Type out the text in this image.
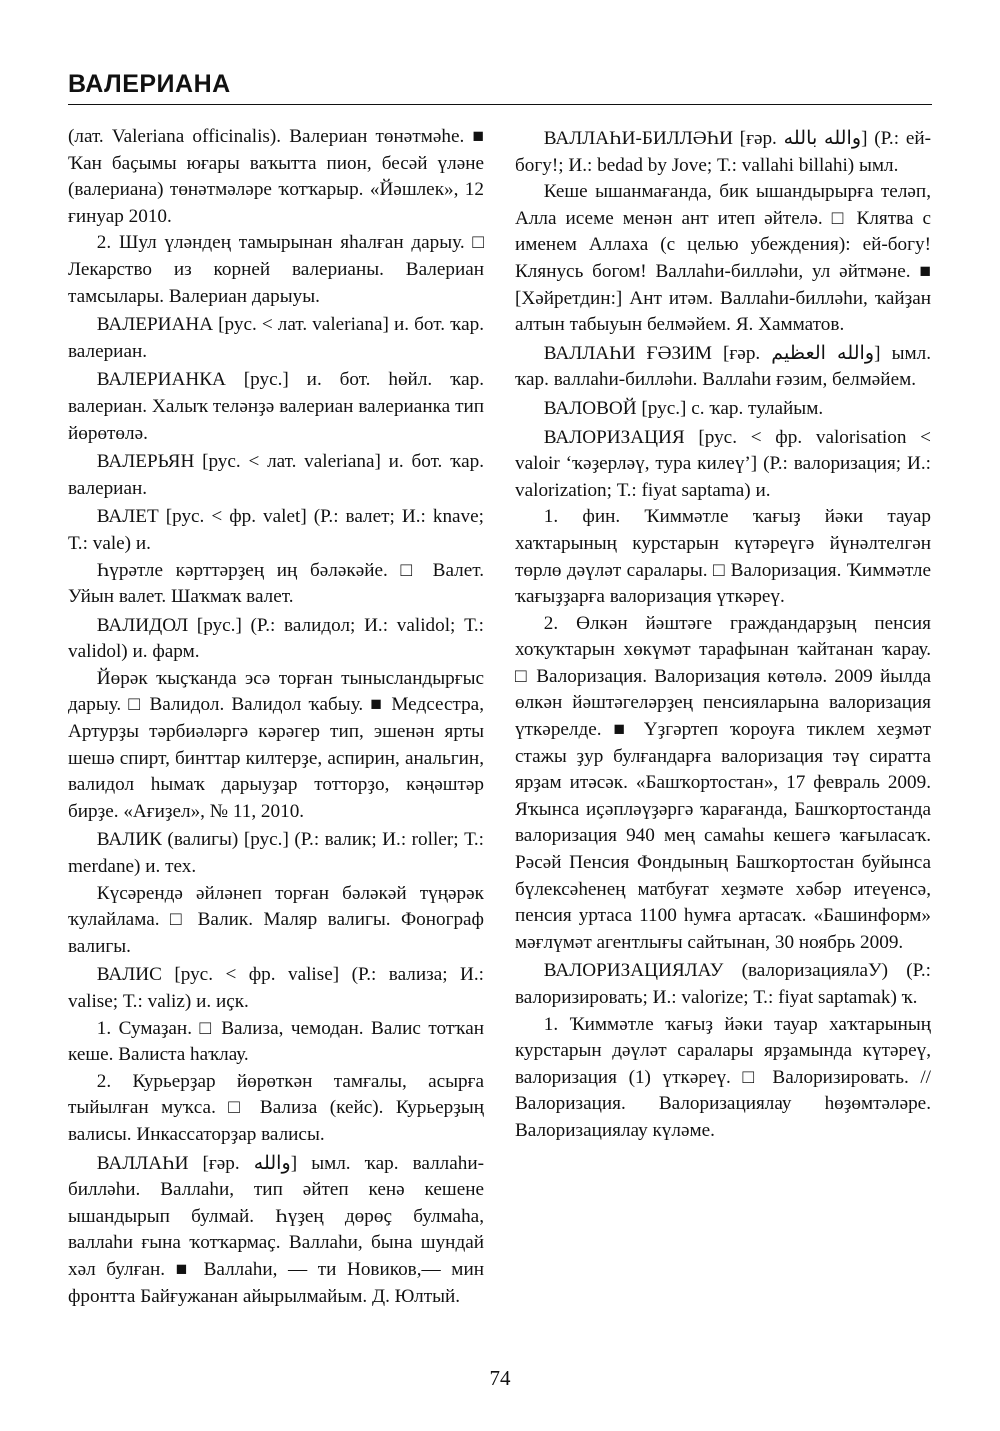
ВАЛЕРИАНА

(лат. Valeriana officinalis). Валериан төнәтмәһе. ■ Ҡан баҫымы юғары ваҡытта пион, бесәй үләне (валериана) төнәтмәләре ҡотҡарыр. «Йәшлек», 12 ғинуар 2010.

2. Шул үләндең тамырынан яһалған дарыу. □ Лекарство из корней валерианы. Валериан тамсылары. Валериан дарыуы.

ВАЛЕРИАНА [рус. < лат. valeriana] и. бот. ҡар. валериан.

ВАЛЕРИАНКА [рус.] и. бот. һөйл. ҡар. валериан. Халыҡ теләнҙә валериан валерианка тип йөрөтөлә.

ВАЛЕРЬЯН [рус. < лат. valeriana] и. бот. ҡар. валериан.

ВАЛЕТ [рус. < фр. valet] (Р.: валет; И.: knave; Т.: vale) и.

Һүрәтле кәрттәрҙең иң бәләкәйе. □ Валет. Уйын валет. Шаҡмаҡ валет.

ВАЛИДОЛ [рус.] (Р.: валидол; И.: validol; Т.: validol) и. фарм.

Йөрәк ҡыҫҡанда эсә торған тынысландырғыс дарыу. □ Валидол. Валидол ҡабыу. ■ Медсестра, Артурҙы тәрбиәләргә кәрәгер тип, эшенән ярты шешә спирт, бинттар килтерҙе, аспирин, анальгин, валидол һымаҡ дарыуҙар тотторҙо, кәңәштәр бирҙе. «Ағиҙел», № 11, 2010.

ВАЛИК (валигы) [рус.] (Р.: валик; И.: roller; Т.: merdane) и. тех.

Күсәрендә әйләнеп торған бәләкәй түңәрәк ҡулайлама. □ Валик. Маляр валигы. Фонограф валигы.

ВАЛИС [рус. < фр. valise] (Р.: вализа; И.: valise; Т.: valiz) и. иҫк.

1. Сумаҙан. □ Вализа, чемодан. Валис тотҡан кеше. Валиста һаҡлау.

2. Курьерҙар йөрөткән тамғалы, асырға тыйылған муҡса. □ Вализа (кейс). Курьерҙың валисы. Инкассаторҙар валисы.

ВАЛЛАҺИ [ғәр. والله] ымл. ҡар. валлаһи-билләһи. Валлаһи, тип әйтеп кенә кешене ышандырып булмай. Һүҙең дөрөҫ булмаһа, валлаһи ғына ҡотҡармаҫ. Валлаһи, бына шундай хәл булған. ■ Валлаһи, — ти Новиков,— мин фронтта Байғужанан айырылмайым. Д. Юлтый.

ВАЛЛАҺИ-БИЛЛӘҺИ [ғәр. والله بالله] (Р.: ей-богу!; И.: bedad by Jove; Т.: vallahi billahi) ымл.

Кеше ышанмағанда, бик ышандырырға теләп, Алла исеме менән ант итеп әйтелә. □ Клятва с именем Аллаха (с целью убеждения): ей-богу! Клянусь богом! Валлаһи-билләһи, ул әйтмәне. ■ [Хәйретдин:] Ант итәм. Валлаһи-билләһи, ҡайҙан алтын табыуын белмәйем. Я. Хамматов.

ВАЛЛАҺИ ҒӘЗИМ [ғәр. والله العظيم] ымл. ҡар. валлаһи-билләһи. Валлаһи ғәзим, белмәйем.

ВАЛОВОЙ [рус.] с. ҡар. тулайым.

ВАЛОРИЗАЦИЯ [рус. < фр. valorisation < valoir ‘ҡәҙерләү, тура килеү’] (Р.: валоризация; И.: valorization; Т.: fiyat saptama) и.

1. фин. Ҡиммәтле ҡағыҙ йәки тауар хаҡтарының курстарын күтәреүгә йүнәлтелгән төрлө дәүләт саралары. □ Валоризация. Ҡиммәтле ҡағыҙҙарға валоризация үткәреү.

2. Өлкән йәштәге граждандарҙың пенсия хоҡуҡтарын хөкүмәт тарафынан ҡайтанан ҡарау. □ Валоризация. Валоризация көтөлә. 2009 йылда өлкән йәштәгеләрҙең пенсияларына валоризация үткәрелде. ■ Үҙгәртеп ҡороуға тиклем хеҙмәт стажы ҙур булғандарға валоризация тәү сиратта ярҙам итәсәк. «Башҡортостан», 17 февраль 2009. Яҡынса иҫәпләүҙәргә ҡарағанда, Башҡортостанда валоризация 940 мең самаһы кешегә ҡағыласаҡ. Рәсәй Пенсия Фондының Башҡортостан буйынса бүлексәһенең матбуғат хеҙмәте хәбәр итеүенсә, пенсия уртаса 1100 һумға артасаҡ. «Башинформ» мәғлүмәт агентлығы сайтынан, 30 ноябрь 2009.

ВАЛОРИЗАЦИЯЛАУ (валоризациялаУ) (Р.: валоризировать; И.: valorize; Т.: fiyat saptamak) ҡ.

1. Ҡиммәтле ҡағыҙ йәки тауар хаҡтарының курстарын дәүләт саралары ярҙамында күтәреү, валоризация (1) үткәреү. □ Валоризировать. // Валоризация. Валоризациялау һөҙөмтәләре. Валоризациялау күләме.

74
